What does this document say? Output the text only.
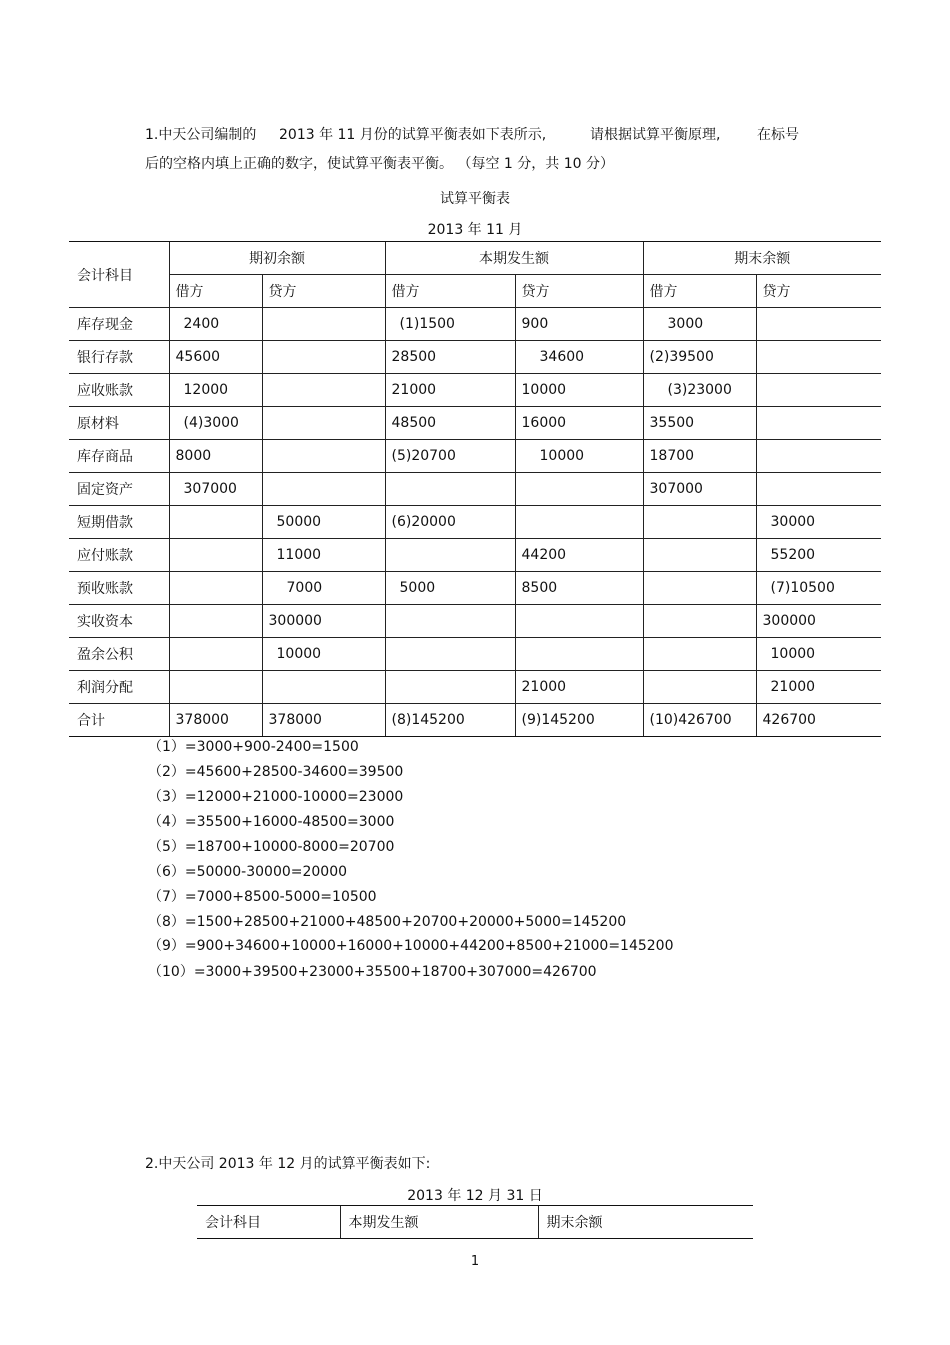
1.中天公司编制的 2013 年 11 月份的试算平衡表如下表所示,	请根据试算平衡原理,	在标号
后的空格内填上正确的数字，使试算平衡表平衡。 （每空 1 分，共 10 分）
试算平衡表
2013 年 11 月
会计科目	期初余额		本期发生额		期末余额	
	借方	贷方	借方	贷方	借方	贷方
库存现金	2400		(1)1500	900	3000	
银行存款	45600		28500	34600	(2)39500	
应收账款	12000		21000	10000	(3)23000	
原材料	(4)3000		48500	16000	35500	
库存商品	8000		(5)20700	10000	18700	
固定资产	307000				307000	
短期借款		50000	(6)20000			30000
应付账款		11000		44200		55200
预收账款		7000	5000	8500		(7)10500
实收资本		300000				300000
盈余公积		10000				10000
利润分配				21000		21000
合计	378000	378000	(8)145200	(9)145200	(10)426700	426700
（1）=3000+900-2400=1500
（2）=45600+28500-34600=39500
（3）=12000+21000-10000=23000
（4）=35500+16000-48500=3000
（5）=18700+10000-8000=20700
（6）=50000-30000=20000
（7）=7000+8500-5000=10500
（8）=1500+28500+21000+48500+20700+20000+5000=145200
（9）=900+34600+10000+16000+10000+44200+8500+21000=145200
（10）=3000+39500+23000+35500+18700+307000=426700
2.中天公司 2013 年 12 月的试算平衡表如下:
2013 年 12 月 31 日
会计科目	本期发生额	期末余额
1
